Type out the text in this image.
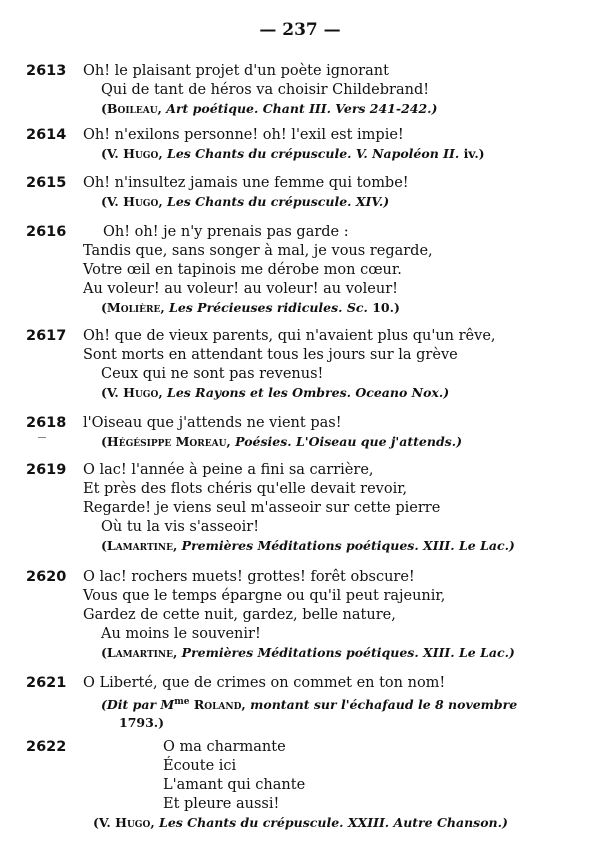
— 237 —
2613 Oh! le plaisant projet d'un poète ignorant
Qui de tant de héros va choisir Childebrand!
(Boileau, Art poétique. Chant III. Vers 241-242.)
2614 Oh! n'exilons personne! oh! l'exil est impie!
(V. Hugo, Les Chants du crépuscule. V. Napoléon II. iv.)
2615 Oh! n'insultez jamais une femme qui tombe!
(V. Hugo, Les Chants du crépuscule. XIV.)
2616	Oh! oh! je n'y prenais pas garde :
Tandis que, sans songer à mal, je vous regarde,
Votre œil en tapinois me dérobe mon cœur.
Au voleur! au voleur! au voleur! au voleur!
(Molière, Les Précieuses ridicules. Sc. 10.)
2617 Oh! que de vieux parents, qui n'avaient plus qu'un rêve,
Sont morts en attendant tous les jours sur la grève
Ceux qui ne sont pas revenus!
(V. Hugo, Les Rayons et les Ombres. Oceano Nox.)
2618 l'Oiseau que j'attends ne vient pas!
(Hégésippe Moreau, Poésies. L'Oiseau que j'attends.)
2619 O lac! l'année à peine a fini sa carrière,
Et près des flots chéris qu'elle devait revoir,
Regarde! je viens seul m'asseoir sur cette pierre
Où tu la vis s'asseoir!
(Lamartine, Premières Méditations poétiques. XIII. Le Lac.)
2620 O lac! rochers muets! grottes! forêt obscure!
Vous que le temps épargne ou qu'il peut rajeunir,
Gardez de cette nuit, gardez, belle nature,
Au moins le souvenir!
(Lamartine, Premières Méditations poétiques. XIII. Le Lac.)
2621 O Liberté, que de crimes on commet en ton nom!
(Dit par $M^{me}$ Roland, montant sur l'échafaud le 8 novembre
1793.)
2622	O ma charmante
Écoute ici
L'amant qui chante
Et pleure aussi!
(V. Hugo, Les Chants du crépuscule. XXIII. Autre Chanson.)
